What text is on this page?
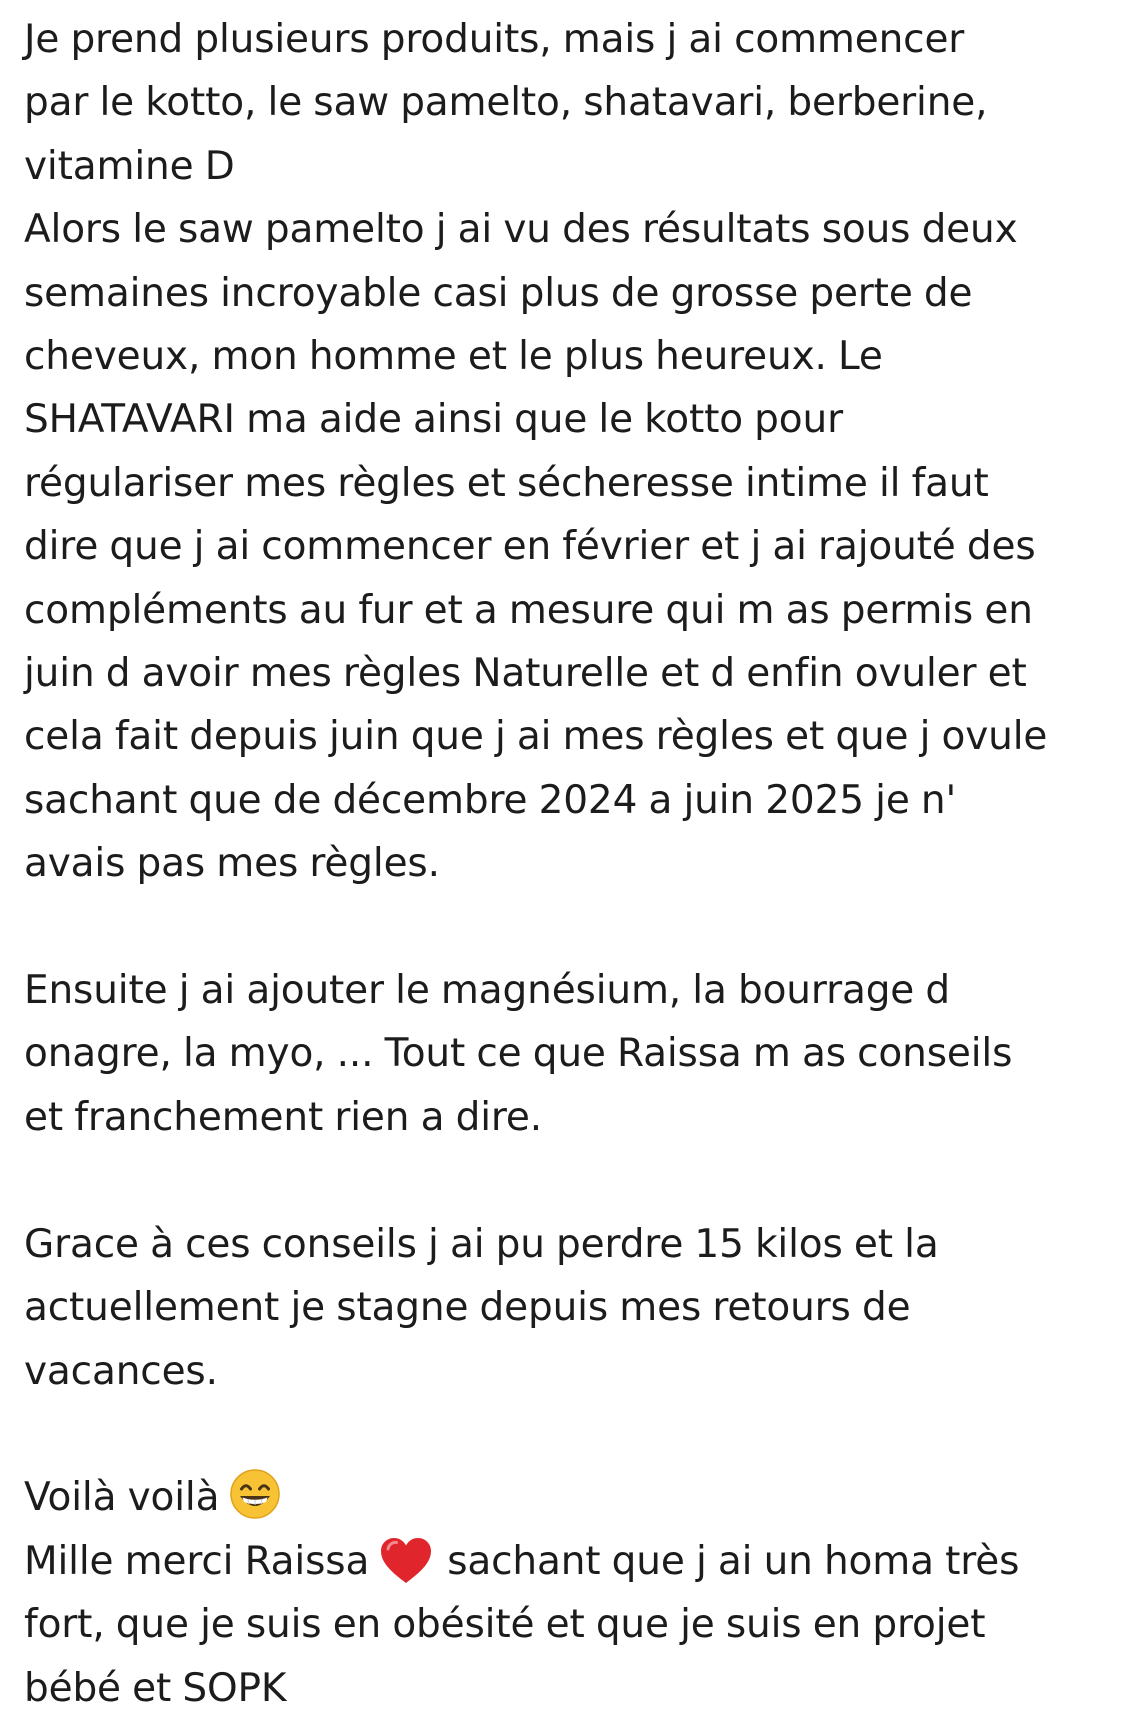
Je prend plusieurs produits, mais j ai commencer
par le kotto, le saw pamelto, shatavari, berberine,
vitamine D
Alors le saw pamelto j ai vu des résultats sous deux
semaines incroyable casi plus de grosse perte de
cheveux, mon homme et le plus heureux. Le
SHATAVARI ma aide ainsi que le kotto pour
régulariser mes règles et sécheresse intime il faut
dire que j ai commencer en février et j ai rajouté des
compléments au fur et a mesure qui m as permis en
juin d avoir mes règles Naturelle et d enfin ovuler et
cela fait depuis juin que j ai mes règles et que j ovule
sachant que de décembre 2024 a juin 2025 je n'
avais pas mes règles.

Ensuite j ai ajouter le magnésium, la bourrage d
onagre, la myo, ... Tout ce que Raissa m as conseils
et franchement rien a dire.

Grace à ces conseils j ai pu perdre 15 kilos et la
actuellement je stagne depuis mes retours de
vacances.

Voilà voilà
Mille merci Raissa sachant que j ai un homa très
fort, que je suis en obésité et que je suis en projet
bébé et SOPK
